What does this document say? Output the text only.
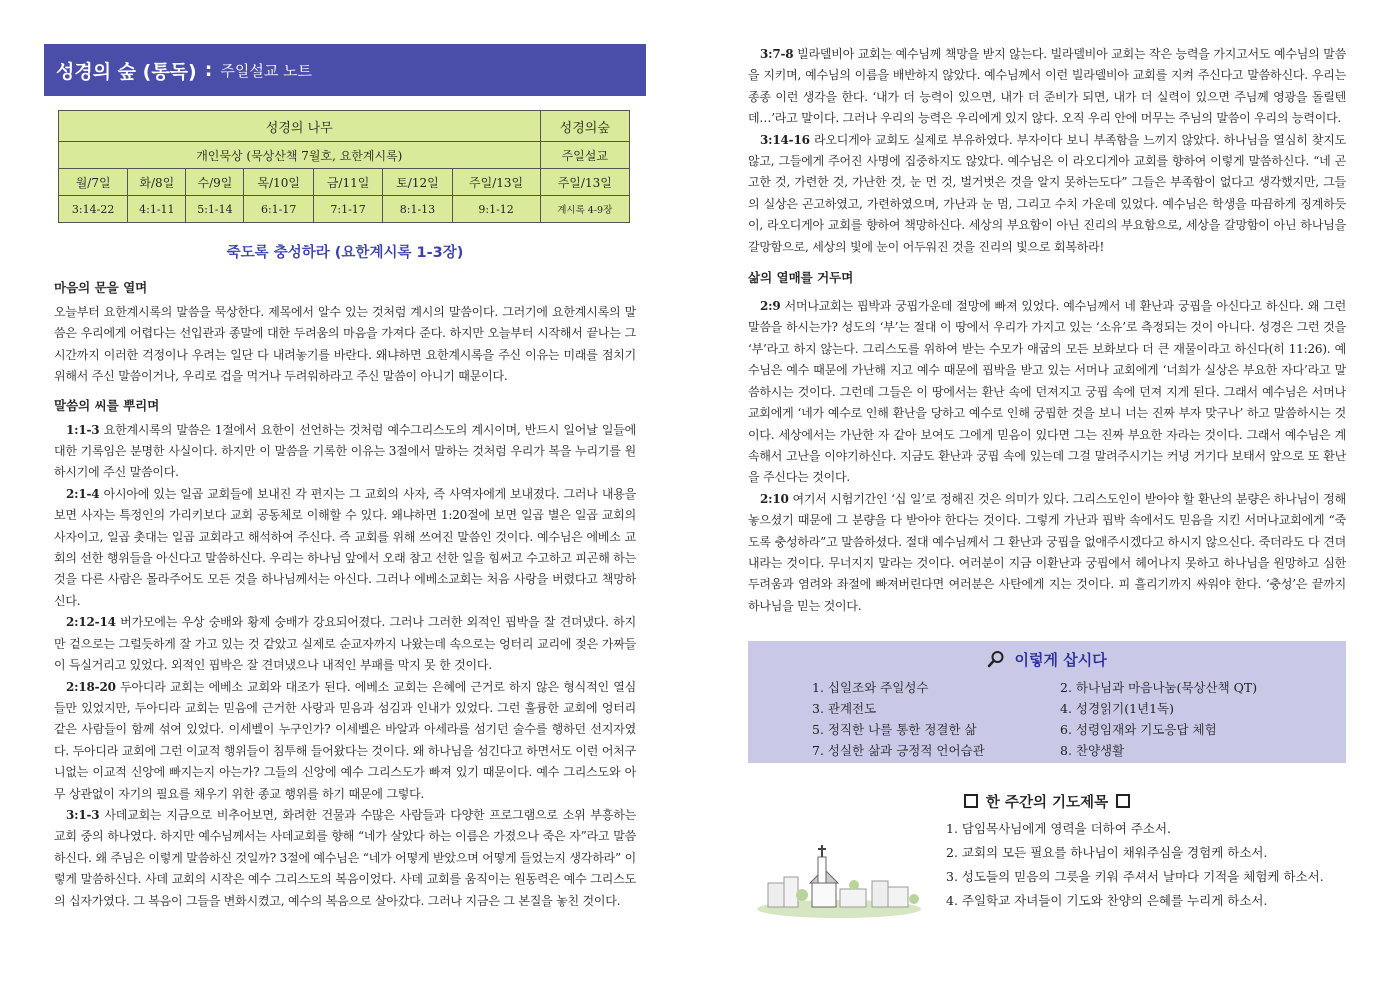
성경의 숲 (통독) : 주일설교 노트
성경의 나무							성경의숲
개인묵상 (묵상산책 7월호, 요한계시록)							주일설교
월/7일	화/8일	수/9일	목/10일	금/11일	토/12일	주일/13일	주일/13일
3:14-22	4:1-11	5:1-14	6:1-17	7:1-17	8:1-13	9:1-12	계시록 4-9장
죽도록 충성하라 (요한계시록 1-3장)
마음의 문을 열며

오늘부터 요한계시록의 말씀을 묵상한다. 제목에서 알수 있는 것처럼 계시의 말씀이다. 그러기에 요한계시록의 말씀은 우리에게 어렵다는 선입관과 종말에 대한 두려움의 마음을 가져다 준다. 하지만 오늘부터 시작해서 끝나는 그 시간까지 이러한 걱정이나 우려는 일단 다 내려놓기를 바란다. 왜냐하면 요한계시록을 주신 이유는 미래를 점치기 위해서 주신 말씀이거나, 우리로 겁을 먹거나 두려워하라고 주신 말씀이 아니기 때문이다.

말씀의 씨를 뿌리며

1:1-3 요한계시록의 말씀은 1절에서 요한이 선언하는 것처럼 예수그리스도의 계시이며, 반드시 일어날 일들에 대한 기록임은 분명한 사실이다. 하지만 이 말씀을 기록한 이유는 3절에서 말하는 것처럼 우리가 복을 누리기를 원하시기에 주신 말씀이다.

2:1-4 아시아에 있는 일곱 교회들에 보내진 각 편지는 그 교회의 사자, 즉 사역자에게 보내졌다. 그러나 내용을 보면 사자는 특정인의 가리키보다 교회 공동체로 이해할 수 있다. 왜냐하면 1:20절에 보면 일곱 별은 일곱 교회의 사자이고, 일곱 촛대는 일곱 교회라고 해석하여 주신다. 즉 교회를 위해 쓰여진 말씀인 것이다. 예수님은 에베소 교회의 선한 행위들을 아신다고 말씀하신다. 우리는 하나님 앞에서 오래 참고 선한 일을 힘써고 수고하고 피곤해 하는 것을 다른 사람은 몰라주어도 모든 것을 하나님께서는 아신다. 그러나 에베소교회는 처음 사랑을 버렸다고 책망하신다.

2:12-14 버가모에는 우상 숭배와 황제 숭배가 강요되어졌다. 그러나 그러한 외적인 핍박을 잘 견뎌냈다. 하지만 겉으로는 그럴듯하게 잘 가고 있는 것 같았고 실제로 순교자까지 나왔는데 속으로는 엉터리 교리에 젖은 가짜들이 득실거리고 있었다. 외적인 핍박은 잘 견뎌냈으나 내적인 부패를 막지 못 한 것이다.

2:18-20 두아디라 교회는 에베소 교회와 대조가 된다. 에베소 교회는 은혜에 근거로 하지 않은 형식적인 열심들만 있었지만, 두아디라 교회는 믿음에 근거한 사랑과 믿음과 섬김과 인내가 있었다. 그런 훌륭한 교회에 엉터리 같은 사람들이 함께 섞여 있었다. 이세벨이 누구인가? 이세벨은 바알과 아세라를 섬기던 술수를 행하던 선지자였다. 두아디라 교회에 그런 이교적 행위들이 침투해 들어왔다는 것이다. 왜 하나님을 섬긴다고 하면서도 이런 어처구니없는 이교적 신앙에 빠지는지 아는가? 그들의 신앙에 예수 그리스도가 빠져 있기 때문이다. 예수 그리스도와 아무 상관없이 자기의 필요를 채우기 위한 종교 행위를 하기 때문에 그렇다.

3:1-3 사데교회는 지금으로 비추어보면, 화려한 건물과 수많은 사람들과 다양한 프로그램으로 소위 부흥하는 교회 중의 하나였다. 하지만 예수님께서는 사데교회를 향해 “네가 살았다 하는 이름은 가졌으나 죽은 자”라고 말씀하신다. 왜 주님은 이렇게 말씀하신 것일까? 3절에 예수님은 “네가 어떻게 받았으며 어떻게 들었는지 생각하라” 이렇게 말씀하신다. 사데 교회의 시작은 예수 그리스도의 복음이었다. 사데 교회를 움직이는 원동력은 예수 그리스도의 십자가였다. 그 복음이 그들을 변화시켰고, 예수의 복음으로 살아갔다. 그러나 지금은 그 본질을 놓친 것이다.

3:7-8 빌라델비아 교회는 예수님께 책망을 받지 않는다. 빌라델비아 교회는 작은 능력을 가지고서도 예수님의 말씀을 지키며, 예수님의 이름을 배반하지 않았다. 예수님께서 이런 빌라델비아 교회를 지켜 주신다고 말씀하신다. 우리는 종종 이런 생각을 한다. ‘내가 더 능력이 있으면, 내가 더 준비가 되면, 내가 더 실력이 있으면 주님께 영광을 돌릴텐데…’라고 말이다. 그러나 우리의 능력은 우리에게 있지 않다. 오직 우리 안에 머무는 주님의 말씀이 우리의 능력이다.

3:14-16 라오디게아 교회도 실제로 부유하였다. 부자이다 보니 부족함을 느끼지 않았다. 하나님을 열심히 찾지도 않고, 그들에게 주어진 사명에 집중하지도 않았다. 예수님은 이 라오디게아 교회를 향하여 이렇게 말씀하신다. “네 곤고한 것, 가련한 것, 가난한 것, 눈 먼 것, 벌거벗은 것을 알지 못하는도다” 그들은 부족함이 없다고 생각했지만, 그들의 실상은 곤고하였고, 가련하였으며, 가난과 눈 멈, 그리고 수치 가운데 있었다. 예수님은 학생을 따끔하게 징계하듯이, 라오디게아 교회를 향하여 책망하신다. 세상의 부요함이 아닌 진리의 부요함으로, 세상을 갈망함이 아닌 하나님을 갈망함으로, 세상의 빛에 눈이 어두워진 것을 진리의 빛으로 회복하라!

삶의 열매를 거두며

2:9 서머나교회는 핍박과 궁핍가운데 절망에 빠져 있었다. 예수님께서 네 환난과 궁핍을 아신다고 하신다. 왜 그런 말씀을 하시는가? 성도의 ‘부’는 절대 이 땅에서 우리가 가지고 있는 ‘소유’로 측정되는 것이 아니다. 성경은 그런 것을 ‘부’라고 하지 않는다. 그리스도를 위하여 받는 수모가 애굽의 모든 보화보다 더 큰 재물이라고 하신다(히 11:26). 예수님은 예수 때문에 가난해 지고 예수 때문에 핍박을 받고 있는 서머나 교회에게 ‘너희가 실상은 부요한 자다’라고 말씀하시는 것이다. 그런데 그들은 이 땅에서는 환난 속에 던져지고 궁핍 속에 던져 지게 된다. 그래서 예수님은 서머나 교회에게 ‘네가 예수로 인해 환난을 당하고 예수로 인해 궁핍한 것을 보니 너는 진짜 부자 맞구나’ 하고 말씀하시는 것이다. 세상에서는 가난한 자 같아 보여도 그에게 믿음이 있다면 그는 진짜 부요한 자라는 것이다. 그래서 예수님은 계속해서 고난을 이야기하신다. 지금도 환난과 궁핍 속에 있는데 그걸 말려주시기는 커녕 거기다 보태서 앞으로 또 환난을 주신다는 것이다.

2:10 여기서 시험기간인 ‘십 일’로 정해진 것은 의미가 있다. 그리스도인이 받아야 할 환난의 분량은 하나님이 정해놓으셨기 때문에 그 분량을 다 받아야 한다는 것이다. 그렇게 가난과 핍박 속에서도 믿음을 지킨 서머나교회에게 “죽도록 충성하라”고 말씀하셨다. 절대 예수님께서 그 환난과 궁핍을 없애주시겠다고 하시지 않으신다. 죽더라도 다 견뎌내라는 것이다. 무너지지 말라는 것이다. 여러분이 지금 이환난과 궁핍에서 헤어나지 못하고 하나님을 원망하고 심한 두려움과 염려와 좌절에 빠져버린다면 여러분은 사탄에게 지는 것이다. 피 흘리기까지 싸워야 한다. ‘충성’은 끝까지 하나님을 믿는 것이다.

이렇게 삽시다
1. 십일조와 주일성수	2. 하나님과 마음나눔(묵상산책 QT)
3. 관계전도	4. 성경읽기(1년1독)
5. 정직한 나를 통한 정결한 삶	6. 성령임재와 기도응답 체험
7. 성실한 삶과 긍정적 언어습관	8. 찬양생활
한 주간의 기도제목
1. 담임목사님에게 영력을 더하여 주소서.
2. 교회의 모든 필요를 하나님이 채워주심을 경험케 하소서.
3. 성도들의 믿음의 그릇을 키워 주셔서 날마다 기적을 체험케 하소서.
4. 주일학교 자녀들이 기도와 찬양의 은혜를 누리게 하소서.
